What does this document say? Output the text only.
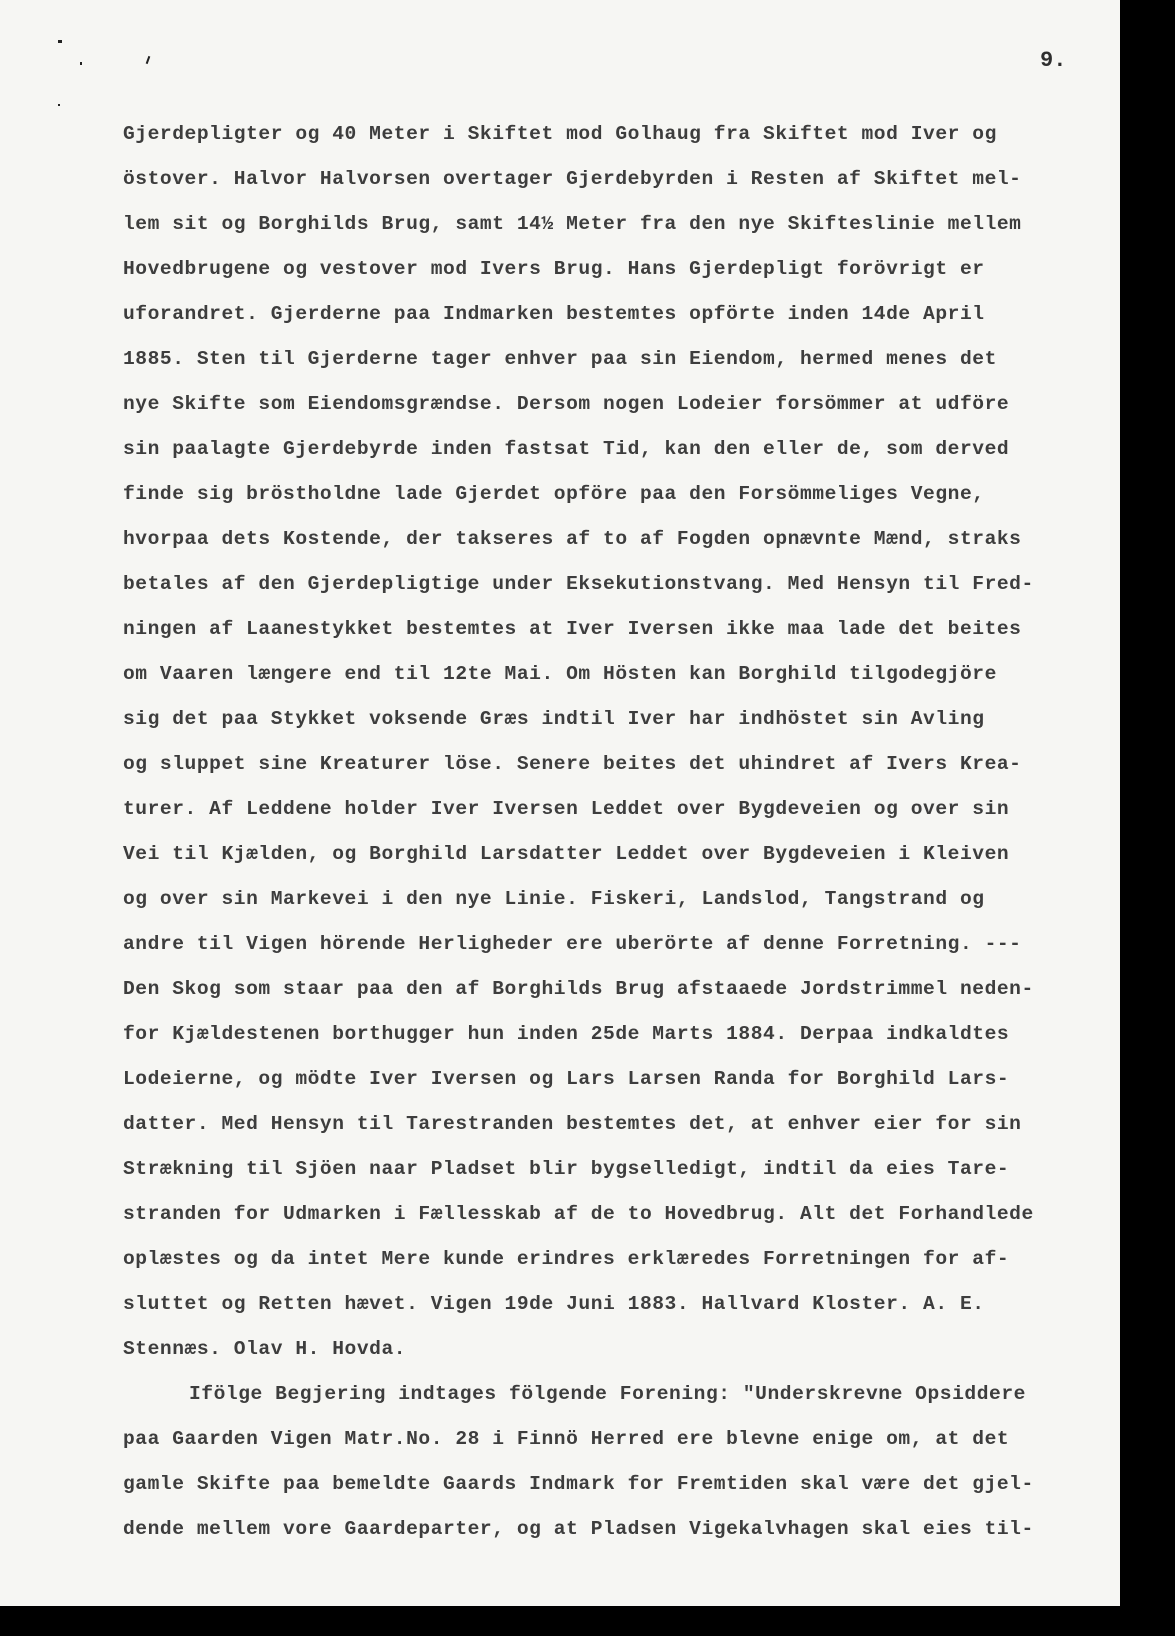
9.
Gjerdepligter og 40 Meter i Skiftet mod Golhaug fra Skiftet mod Iver og
östover. Halvor Halvorsen overtager Gjerdebyrden i Resten af Skiftet mel-
lem sit og Borghilds Brug, samt 14½ Meter fra den nye Skifteslinie mellem
Hovedbrugene og vestover mod Ivers Brug. Hans Gjerdepligt forövrigt er
uforandret. Gjerderne paa Indmarken bestemtes opförte inden 14de April
1885. Sten til Gjerderne tager enhver paa sin Eiendom, hermed menes det
nye Skifte som Eiendomsgrændse. Dersom nogen Lodeier forsömmer at udföre
sin paalagte Gjerdebyrde inden fastsat Tid, kan den eller de, som derved
finde sig bröstholdne lade Gjerdet opföre paa den Forsömmeliges Vegne,
hvorpaa dets Kostende, der takseres af to af Fogden opnævnte Mænd, straks
betales af den Gjerdepligtige under Eksekutionstvang. Med Hensyn til Fred-
ningen af Laanestykket bestemtes at Iver Iversen ikke maa lade det beites
om Vaaren længere end til 12te Mai. Om Hösten kan Borghild tilgodegjöre
sig det paa Stykket voksende Græs indtil Iver har indhöstet sin Avling
og sluppet sine Kreaturer löse. Senere beites det uhindret af Ivers Krea-
turer. Af Leddene holder Iver Iversen Leddet over Bygdeveien og over sin
Vei til Kjælden, og Borghild Larsdatter Leddet over Bygdeveien i Kleiven
og over sin Markevei i den nye Linie. Fiskeri, Landslod, Tangstrand og
andre til Vigen hörende Herligheder ere uberörte af denne Forretning. ---
Den Skog som staar paa den af Borghilds Brug afstaaede Jordstrimmel neden-
for Kjældestenen borthugger hun inden 25de Marts 1884. Derpaa indkaldtes
Lodeierne, og mödte Iver Iversen og Lars Larsen Randa for Borghild Lars-
datter. Med Hensyn til Tarestranden bestemtes det, at enhver eier for sin
Strækning til Sjöen naar Pladset blir bygselledigt, indtil da eies Tare-
stranden for Udmarken i Fællesskab af de to Hovedbrug. Alt det Forhandlede
oplæstes og da intet Mere kunde erindres erklæredes Forretningen for af-
sluttet og Retten hævet. Vigen 19de Juni 1883. Hallvard Kloster. A. E.
Stennæs. Olav H. Hovda.
Ifölge Begjering indtages fölgende Forening: "Underskrevne Opsiddere
paa Gaarden Vigen Matr.No. 28 i Finnö Herred ere blevne enige om, at det
gamle Skifte paa bemeldte Gaards Indmark for Fremtiden skal være det gjel-
dende mellem vore Gaardeparter, og at Pladsen Vigekalvhagen skal eies til-
